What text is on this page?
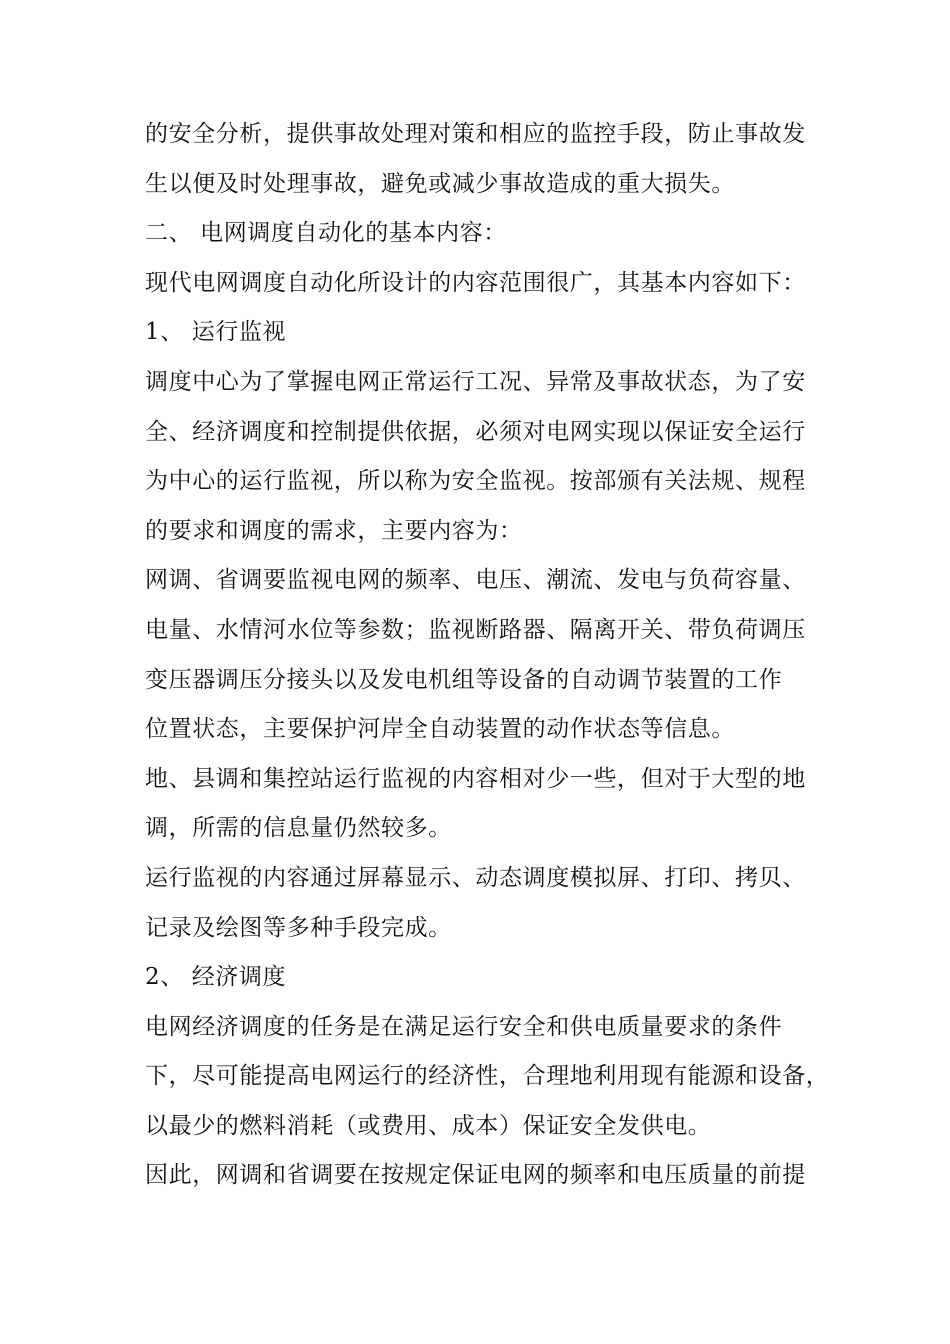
的安全分析，提供事故处理对策和相应的监控手段，防止事故发
生以便及时处理事故，避免或减少事故造成的重大损失。
二、 电网调度自动化的基本内容：
现代电网调度自动化所设计的内容范围很广，其基本内容如下：
1、 运行监视
调度中心为了掌握电网正常运行工况、异常及事故状态，为了安
全、经济调度和控制提供依据，必须对电网实现以保证安全运行
为中心的运行监视，所以称为安全监视。按部颁有关法规、规程
的要求和调度的需求，主要内容为：
网调、省调要监视电网的频率、电压、潮流、发电与负荷容量、
电量、水情河水位等参数；监视断路器、隔离开关、带负荷调压
变压器调压分接头以及发电机组等设备的自动调节装置的工作
位置状态，主要保护河岸全自动装置的动作状态等信息。
地、县调和集控站运行监视的内容相对少一些，但对于大型的地
调，所需的信息量仍然较多。
运行监视的内容通过屏幕显示、动态调度模拟屏、打印、拷贝、
记录及绘图等多种手段完成。
2、 经济调度
电网经济调度的任务是在满足运行安全和供电质量要求的条件
下，尽可能提高电网运行的经济性，合理地利用现有能源和设备，
以最少的燃料消耗（或费用、成本）保证安全发供电。
因此，网调和省调要在按规定保证电网的频率和电压质量的前提
